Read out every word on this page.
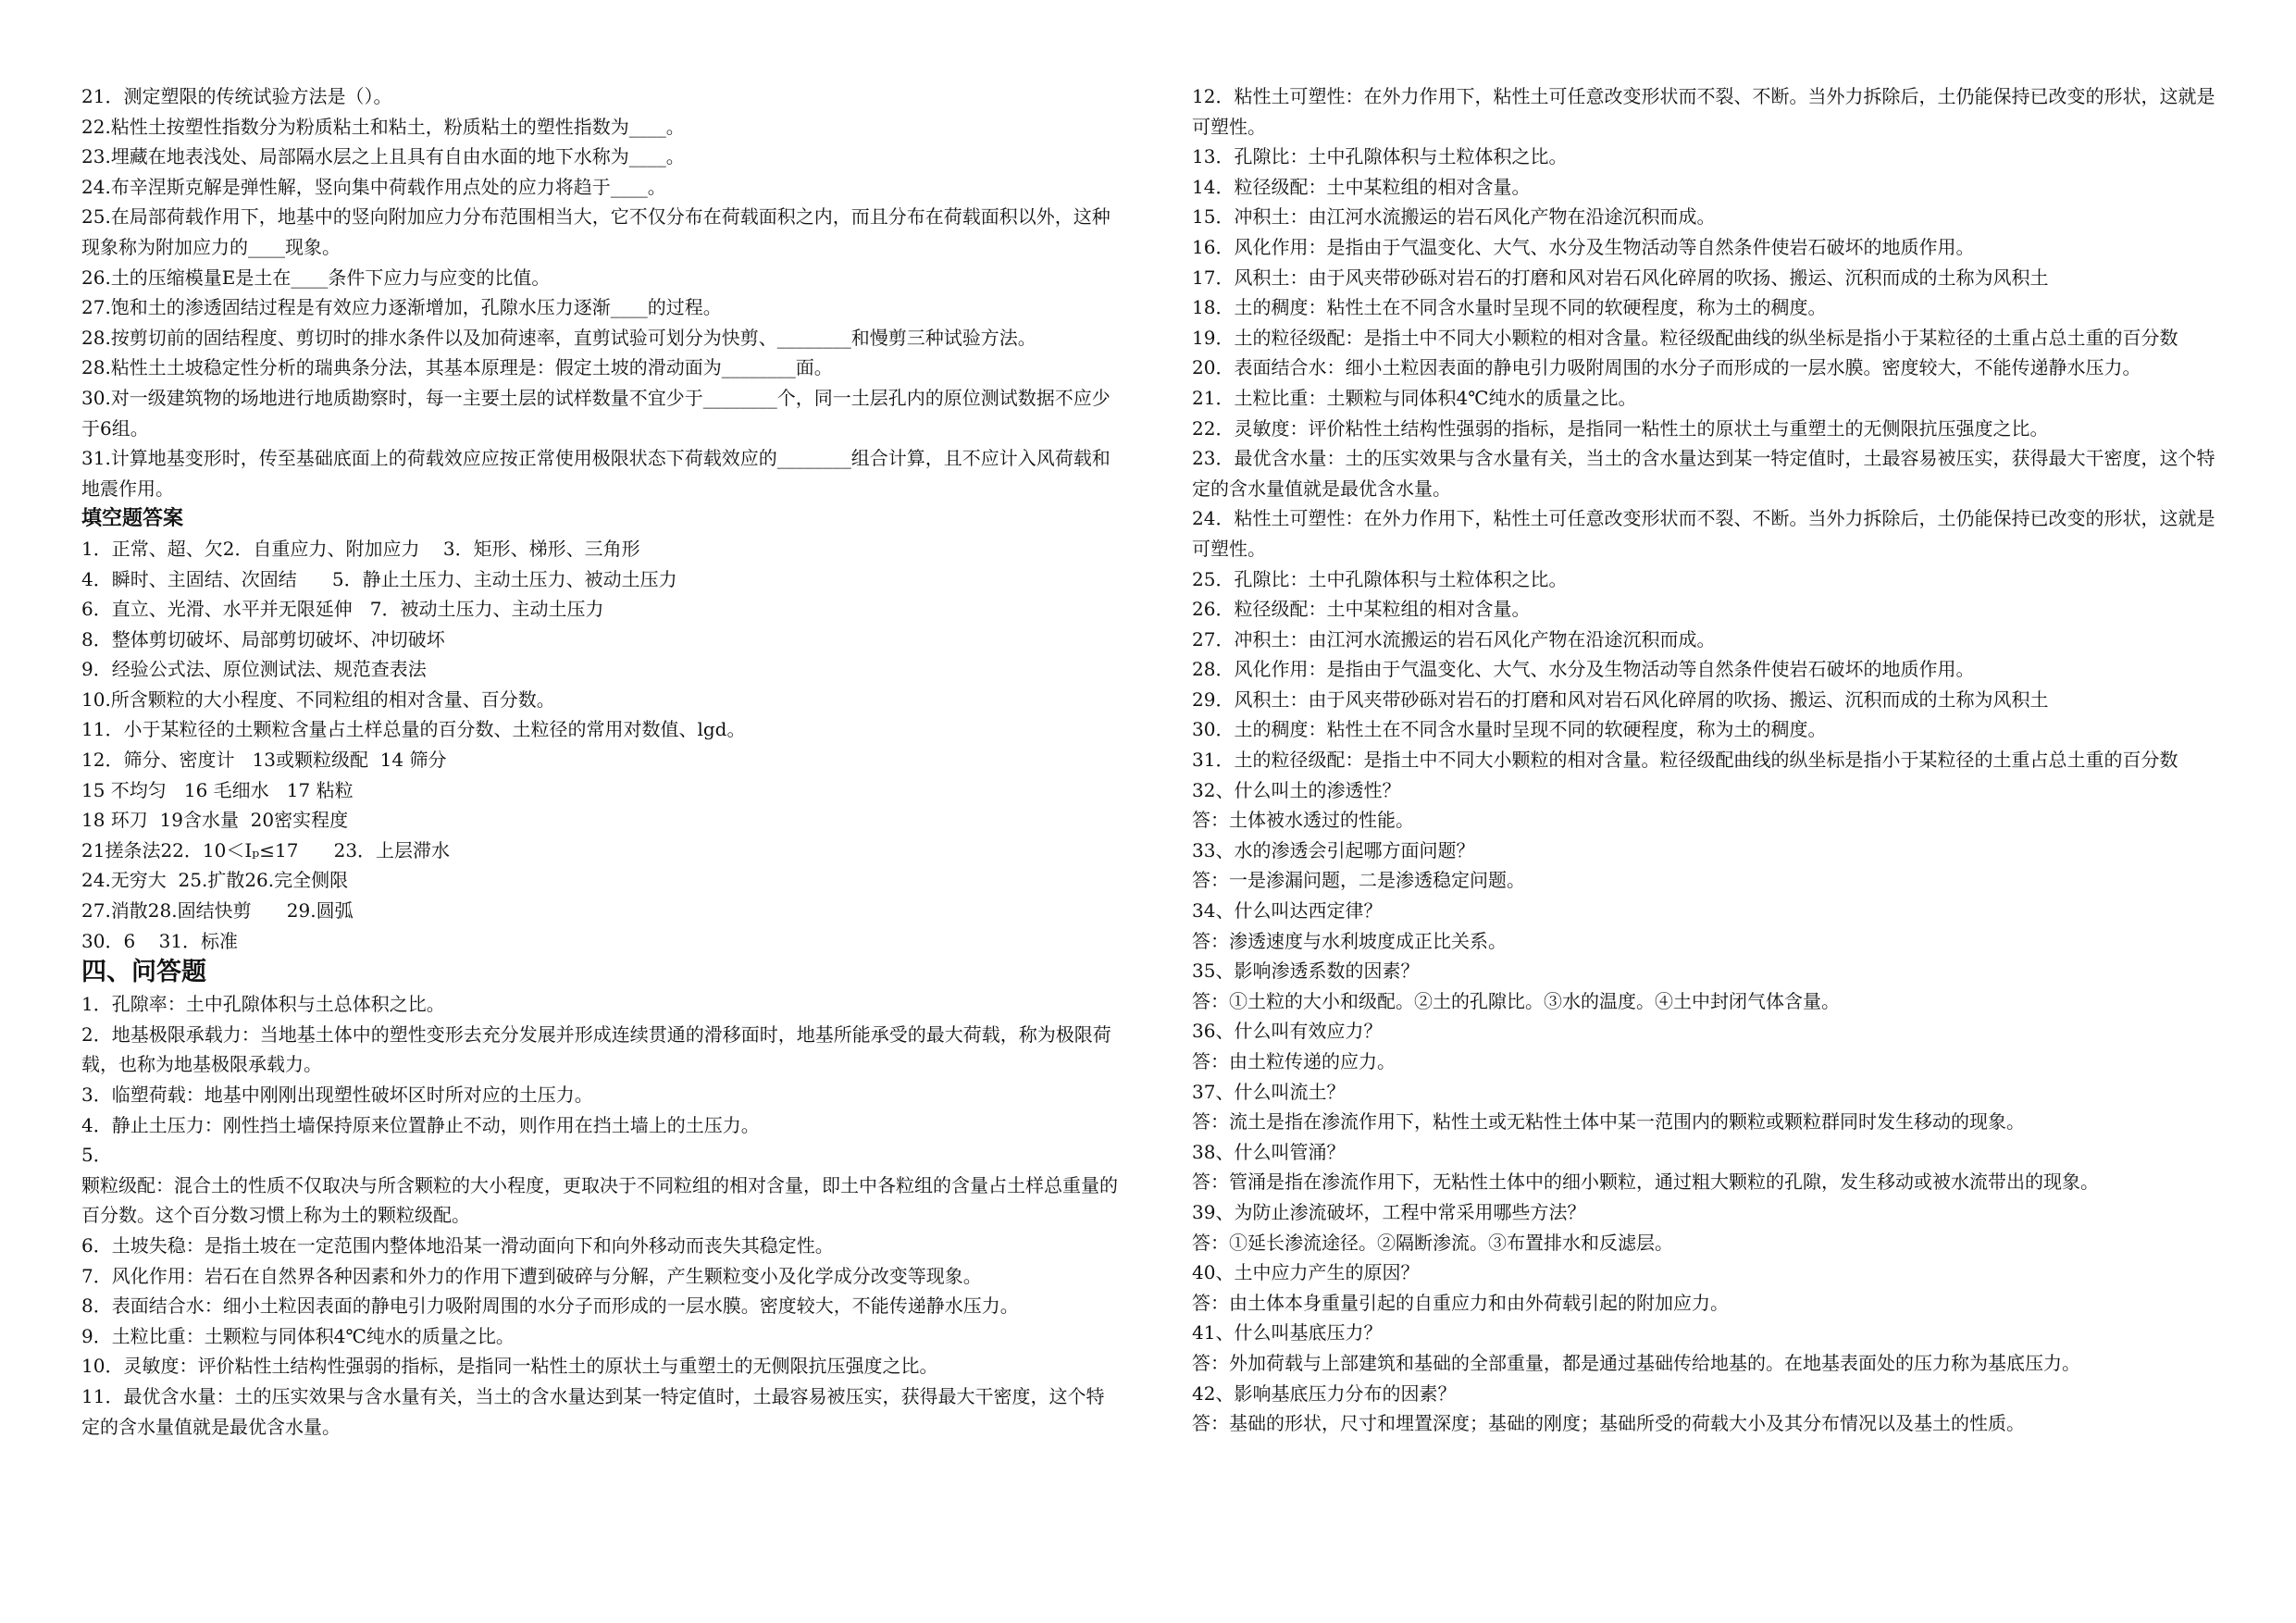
21．测定塑限的传统试验方法是（）。
22.粘性土按塑性指数分为粉质粘土和粘土，粉质粘土的塑性指数为____。
23.埋藏在地表浅处、局部隔水层之上且具有自由水面的地下水称为____。
24.布辛涅斯克解是弹性解，竖向集中荷载作用点处的应力将趋于____。
25.在局部荷载作用下，地基中的竖向附加应力分布范围相当大，它不仅分布在荷载面积之内，而且分布在荷载面积以外，这种现象称为附加应力的____现象。
26.土的压缩模量E是土在____条件下应力与应变的比值。
27.饱和土的渗透固结过程是有效应力逐渐增加，孔隙水压力逐渐____的过程。
28.按剪切前的固结程度、剪切时的排水条件以及加荷速率，直剪试验可划分为快剪、________和慢剪三种试验方法。
28.粘性土土坡稳定性分析的瑞典条分法，其基本原理是：假定土坡的滑动面为________面。
30.对一级建筑物的场地进行地质勘察时，每一主要土层的试样数量不宜少于________个，同一土层孔内的原位测试数据不应少于6组。
31.计算地基变形时，传至基础底面上的荷载效应应按正常使用极限状态下荷载效应的________组合计算，且不应计入风荷载和地震作用。
填空题答案
1．正常、超、欠2．自重应力、附加应力    3．矩形、梯形、三角形
4．瞬时、主固结、次固结      5．静止土压力、主动土压力、被动土压力
6．直立、光滑、水平并无限延伸   7．被动土压力、主动土压力
8．整体剪切破坏、局部剪切破坏、冲切破坏
9．经验公式法、原位测试法、规范查表法
10.所含颗粒的大小程度、不同粒组的相对含量、百分数。
11．小于某粒径的土颗粒含量占土样总量的百分数、土粒径的常用对数值、lgd。
12．筛分、密度计   13或颗粒级配  14 筛分
15 不均匀   16 毛细水   17 粘粒
18 环刀  19含水量  20密实程度
21搓条法22．10＜Iₚ≤17      23．上层滞水
24.无穷大  25.扩散26.完全侧限
27.消散28.固结快剪      29.圆弧
30．6    31．标准
四、问答题
1．孔隙率：土中孔隙体积与土总体积之比。
2．地基极限承载力：当地基土体中的塑性变形去充分发展并形成连续贯通的滑移面时，地基所能承受的最大荷载，称为极限荷载，也称为地基极限承载力。
3．临塑荷载：地基中刚刚出现塑性破坏区时所对应的土压力。
4．静止土压力：刚性挡土墙保持原来位置静止不动，则作用在挡土墙上的土压力。
5．
颗粒级配：混合土的性质不仅取决与所含颗粒的大小程度，更取决于不同粒组的相对含量，即土中各粒组的含量占土样总重量的百分数。这个百分数习惯上称为土的颗粒级配。
6．土坡失稳：是指土坡在一定范围内整体地沿某一滑动面向下和向外移动而丧失其稳定性。
7．风化作用：岩石在自然界各种因素和外力的作用下遭到破碎与分解，产生颗粒变小及化学成分改变等现象。
8．表面结合水：细小土粒因表面的静电引力吸附周围的水分子而形成的一层水膜。密度较大，不能传递静水压力。
9．土粒比重：土颗粒与同体积4℃纯水的质量之比。
10．灵敏度：评价粘性土结构性强弱的指标，是指同一粘性土的原状土与重塑土的无侧限抗压强度之比。
11．最优含水量：土的压实效果与含水量有关，当土的含水量达到某一特定值时，土最容易被压实，获得最大干密度，这个特定的含水量值就是最优含水量。
12．粘性土可塑性：在外力作用下，粘性土可任意改变形状而不裂、不断。当外力拆除后，土仍能保持已改变的形状，这就是可塑性。
13．孔隙比：土中孔隙体积与土粒体积之比。
14．粒径级配：土中某粒组的相对含量。
15．冲积土：由江河水流搬运的岩石风化产物在沿途沉积而成。
16．风化作用：是指由于气温变化、大气、水分及生物活动等自然条件使岩石破坏的地质作用。
17．风积土：由于风夹带砂砾对岩石的打磨和风对岩石风化碎屑的吹扬、搬运、沉积而成的土称为风积土
18．土的稠度：粘性土在不同含水量时呈现不同的软硬程度，称为土的稠度。
19．土的粒径级配：是指土中不同大小颗粒的相对含量。粒径级配曲线的纵坐标是指小于某粒径的土重占总土重的百分数
20．表面结合水：细小土粒因表面的静电引力吸附周围的水分子而形成的一层水膜。密度较大，不能传递静水压力。
21．土粒比重：土颗粒与同体积4℃纯水的质量之比。
22．灵敏度：评价粘性土结构性强弱的指标，是指同一粘性土的原状土与重塑土的无侧限抗压强度之比。
23．最优含水量：土的压实效果与含水量有关，当土的含水量达到某一特定值时，土最容易被压实，获得最大干密度，这个特定的含水量值就是最优含水量。
24．粘性土可塑性：在外力作用下，粘性土可任意改变形状而不裂、不断。当外力拆除后，土仍能保持已改变的形状，这就是可塑性。
25．孔隙比：土中孔隙体积与土粒体积之比。
26．粒径级配：土中某粒组的相对含量。
27．冲积土：由江河水流搬运的岩石风化产物在沿途沉积而成。
28．风化作用：是指由于气温变化、大气、水分及生物活动等自然条件使岩石破坏的地质作用。
29．风积土：由于风夹带砂砾对岩石的打磨和风对岩石风化碎屑的吹扬、搬运、沉积而成的土称为风积土
30．土的稠度：粘性土在不同含水量时呈现不同的软硬程度，称为土的稠度。
31．土的粒径级配：是指土中不同大小颗粒的相对含量。粒径级配曲线的纵坐标是指小于某粒径的土重占总土重的百分数
32、什么叫土的渗透性？
答：土体被水透过的性能。
33、水的渗透会引起哪方面问题？
答：一是渗漏问题，二是渗透稳定问题。
34、什么叫达西定律？
答：渗透速度与水利坡度成正比关系。
35、影响渗透系数的因素？
答：①土粒的大小和级配。②土的孔隙比。③水的温度。④土中封闭气体含量。
36、什么叫有效应力？
答：由土粒传递的应力。
37、什么叫流土？
答：流土是指在渗流作用下，粘性土或无粘性土体中某一范围内的颗粒或颗粒群同时发生移动的现象。
38、什么叫管涌？
答：管涌是指在渗流作用下，无粘性土体中的细小颗粒，通过粗大颗粒的孔隙，发生移动或被水流带出的现象。
39、为防止渗流破坏，工程中常采用哪些方法？
答：①延长渗流途径。②隔断渗流。③布置排水和反滤层。
40、土中应力产生的原因？
答：由土体本身重量引起的自重应力和由外荷载引起的附加应力。
41、什么叫基底压力？
答：外加荷载与上部建筑和基础的全部重量，都是通过基础传给地基的。在地基表面处的压力称为基底压力。
42、影响基底压力分布的因素？
答：基础的形状，尺寸和埋置深度；基础的刚度；基础所受的荷载大小及其分布情况以及基土的性质。
